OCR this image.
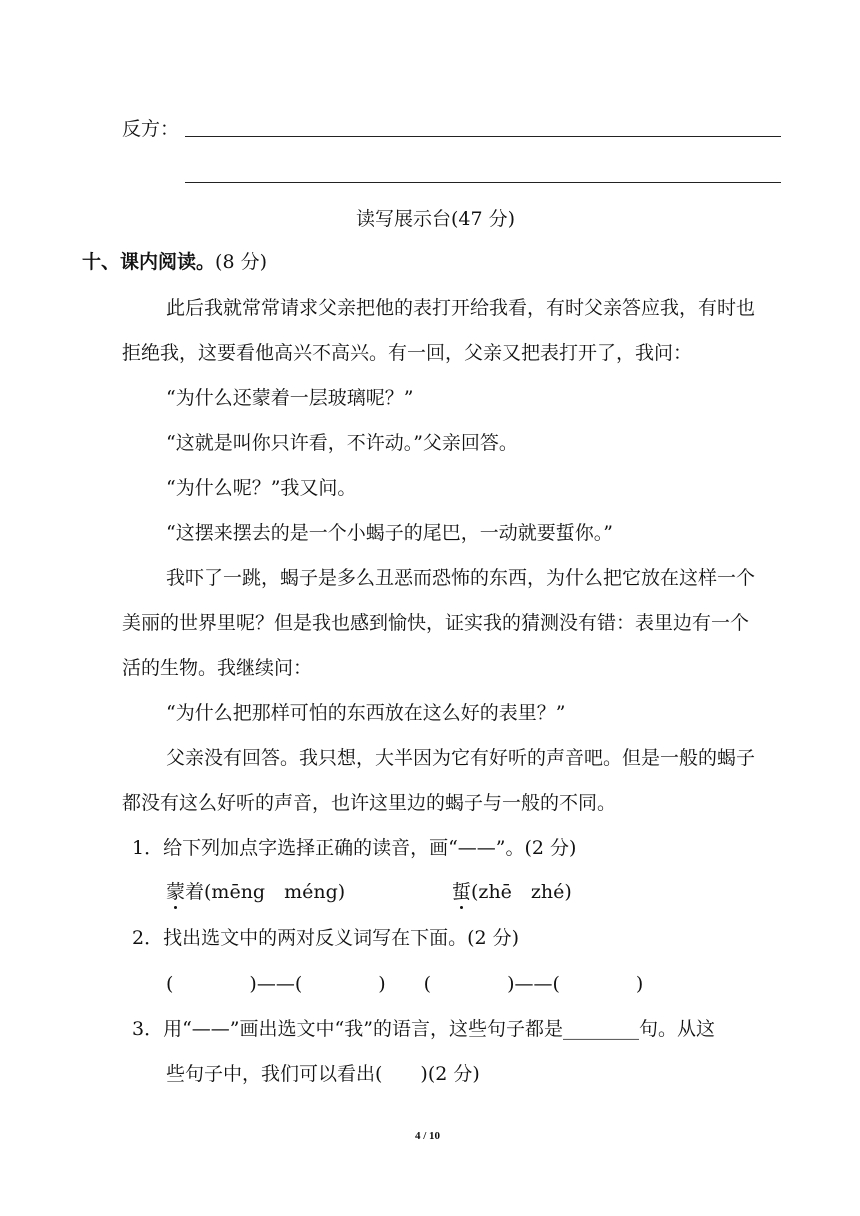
反方：
读写展示台(47 分)
十、课内阅读。(8 分)
此后我就常常请求父亲把他的表打开给我看，有时父亲答应我，有时也
拒绝我，这要看他高兴不高兴。有一回，父亲又把表打开了，我问：
“为什么还蒙着一层玻璃呢？”
“这就是叫你只许看，不许动。”父亲回答。
“为什么呢？”我又问。
“这摆来摆去的是一个小蝎子的尾巴，一动就要蜇你。”
我吓了一跳，蝎子是多么丑恶而恐怖的东西，为什么把它放在这样一个
美丽的世界里呢？但是我也感到愉快，证实我的猜测没有错：表里边有一个
活的生物。我继续问：
“为什么把那样可怕的东西放在这么好的表里？”
父亲没有回答。我只想，大半因为它有好听的声音吧。但是一般的蝎子
都没有这么好听的声音，也许这里边的蝎子与一般的不同。
1．给下列加点字选择正确的读音，画“——”。(2 分)
蒙着(mēng　méng)	蜇(zhē　zhé)
2．找出选文中的两对反义词写在下面。(2 分)
(　　　　)——(　　　　)　　(　　　　)——(　　　　)
3．用“——”画出选文中“我”的语言，这些句子都是________句。从这
些句子中，我们可以看出(　　)(2 分)
4 / 10
